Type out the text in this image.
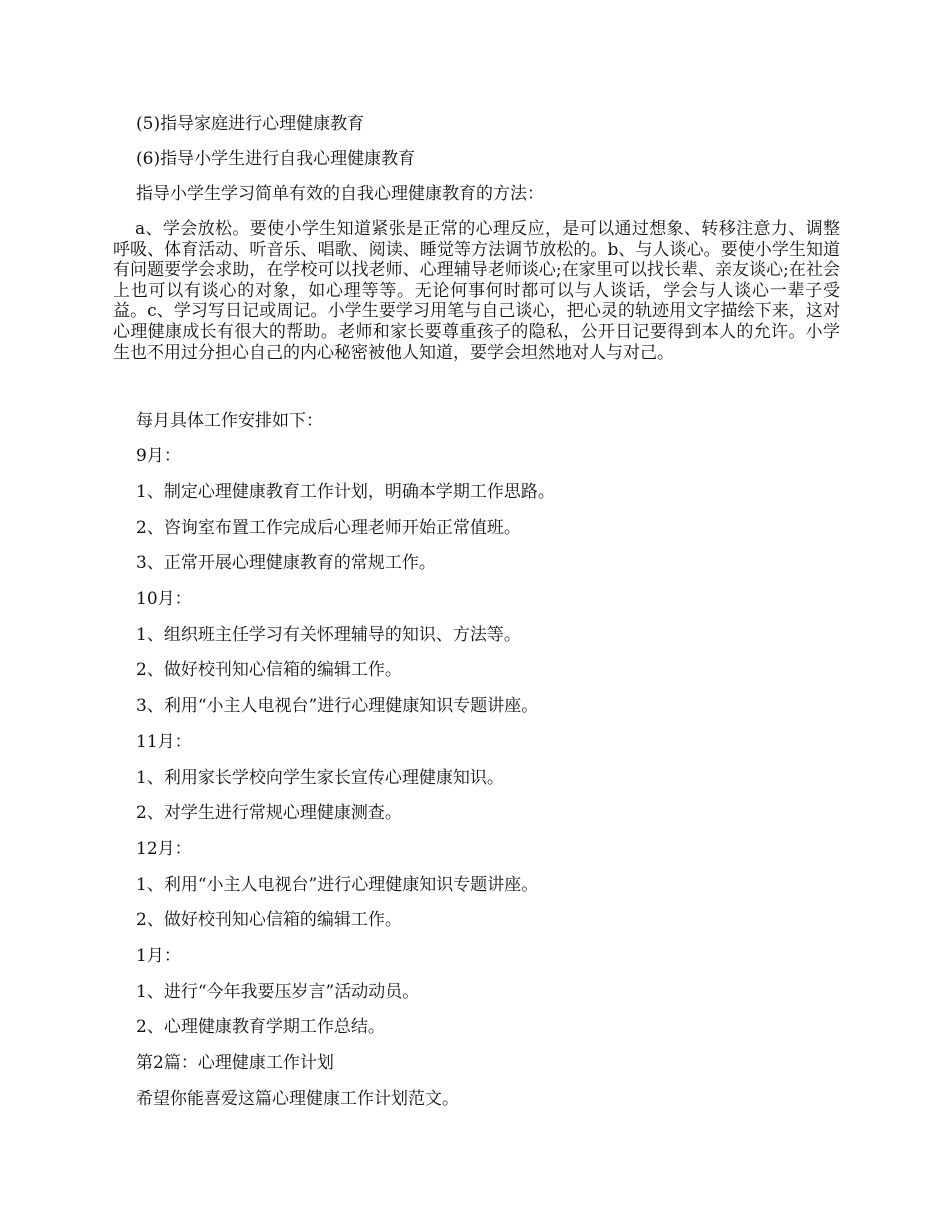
(5)指导家庭进行心理健康教育
(6)指导小学生进行自我心理健康教育
指导小学生学习简单有效的自我心理健康教育的方法：
a、学会放松。要使小学生知道紧张是正常的心理反应，是可以通过想象、转移注意力、调整呼吸、体育活动、听音乐、唱歌、阅读、睡觉等方法调节放松的。b、与人谈心。要使小学生知道有问题要学会求助，在学校可以找老师、心理辅导老师谈心;在家里可以找长辈、亲友谈心;在社会上也可以有谈心的对象，如心理等等。无论何事何时都可以与人谈话，学会与人谈心一辈子受益。c、学习写日记或周记。小学生要学习用笔与自己谈心，把心灵的轨迹用文字描绘下来，这对心理健康成长有很大的帮助。老师和家长要尊重孩子的隐私，公开日记要得到本人的允许。小学生也不用过分担心自己的内心秘密被他人知道，要学会坦然地对人与对己。
每月具体工作安排如下：
9月：
1、制定心理健康教育工作计划，明确本学期工作思路。
2、咨询室布置工作完成后心理老师开始正常值班。
3、正常开展心理健康教育的常规工作。
10月：
1、组织班主任学习有关怀理辅导的知识、方法等。
2、做好校刊知心信箱的编辑工作。
3、利用“小主人电视台”进行心理健康知识专题讲座。
11月：
1、利用家长学校向学生家长宣传心理健康知识。
2、对学生进行常规心理健康测查。
12月：
1、利用“小主人电视台”进行心理健康知识专题讲座。
2、做好校刊知心信箱的编辑工作。
1月：
1、进行“今年我要压岁言”活动动员。
2、心理健康教育学期工作总结。
第2篇：心理健康工作计划
希望你能喜爱这篇心理健康工作计划范文。
